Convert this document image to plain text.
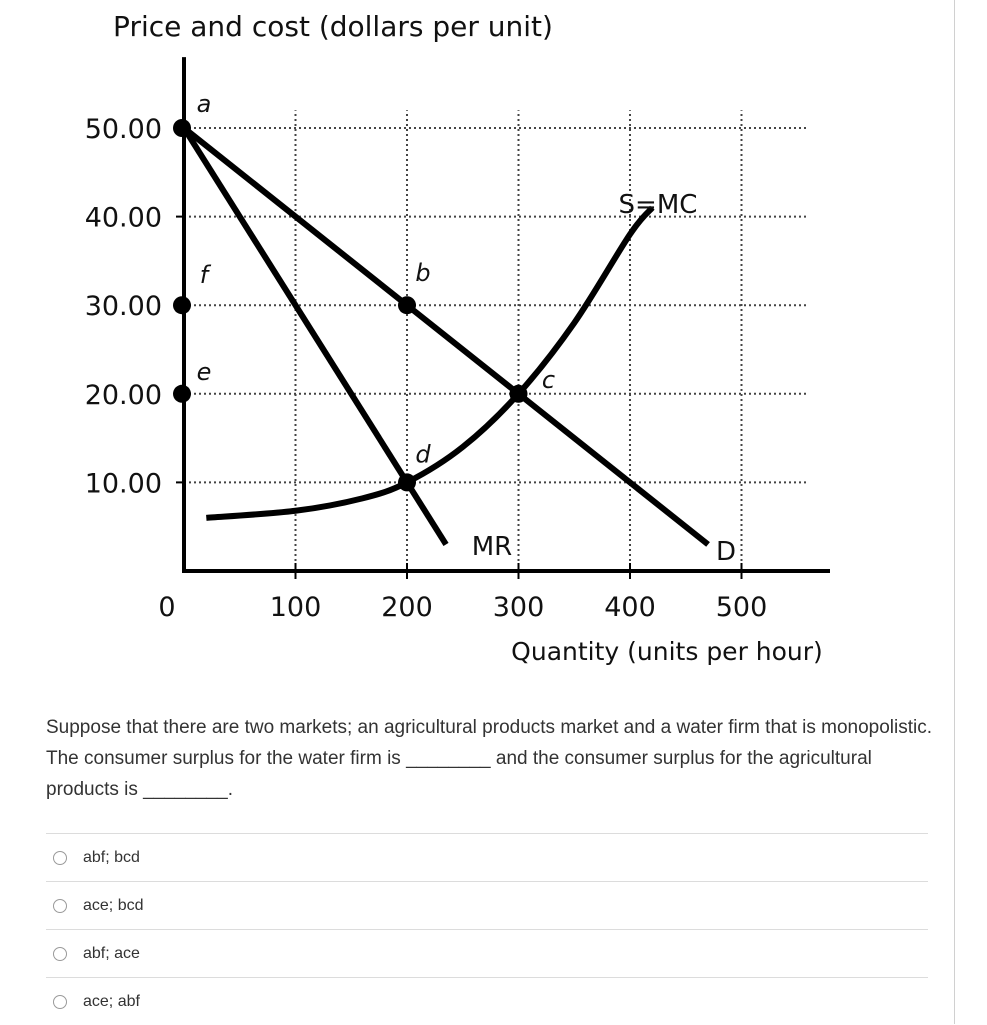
Price and cost (dollars per unit)
50.00
40.00
30.00
20.00
10.00
0	100 200 300 400 500
D
MR
S=MC
a
f
e
b
c
d
Quantity (units per hour)
Suppose that there are two markets; an agricultural products market and a water firm that is monopolistic. The consumer surplus for the water firm is ________ and the consumer surplus for the agricultural products is ________.
abf; bcd
ace; bcd
abf; ace
ace; abf
